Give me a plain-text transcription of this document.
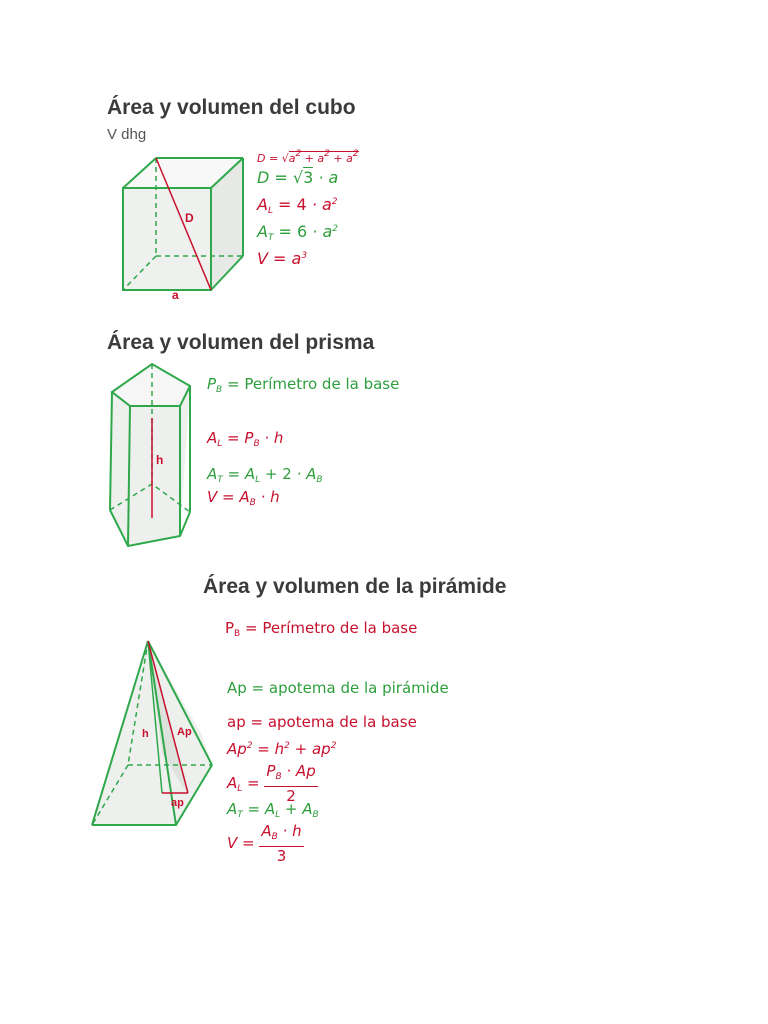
Área y volumen del cubo
V dhg
D
a
$D = √a^2 + a^2 + a^2$
D = √3 · a
$A_L = 4 \cdot a^2$
$A_T = 6 \cdot a^2$
$V = a^3$
Área y volumen del prisma
h
$P_B$ = Perímetro de la base
$A_L = P_B \cdot h$
$A_T = A_L + 2 \cdot A_B$
$V = A_B \cdot h$
Área y volumen de la pirámide
h	Ap
ap
$P_B$ = Perímetro de la base
Ap = apotema de la pirámide
ap = apotema de la base
$Ap^2 = h^2 + ap^2$
$A_L = \frac{P_B \cdot Ap}{2}$
$A_T = A_L + A_B$
$V = \frac{A_B \cdot h}{3}$
